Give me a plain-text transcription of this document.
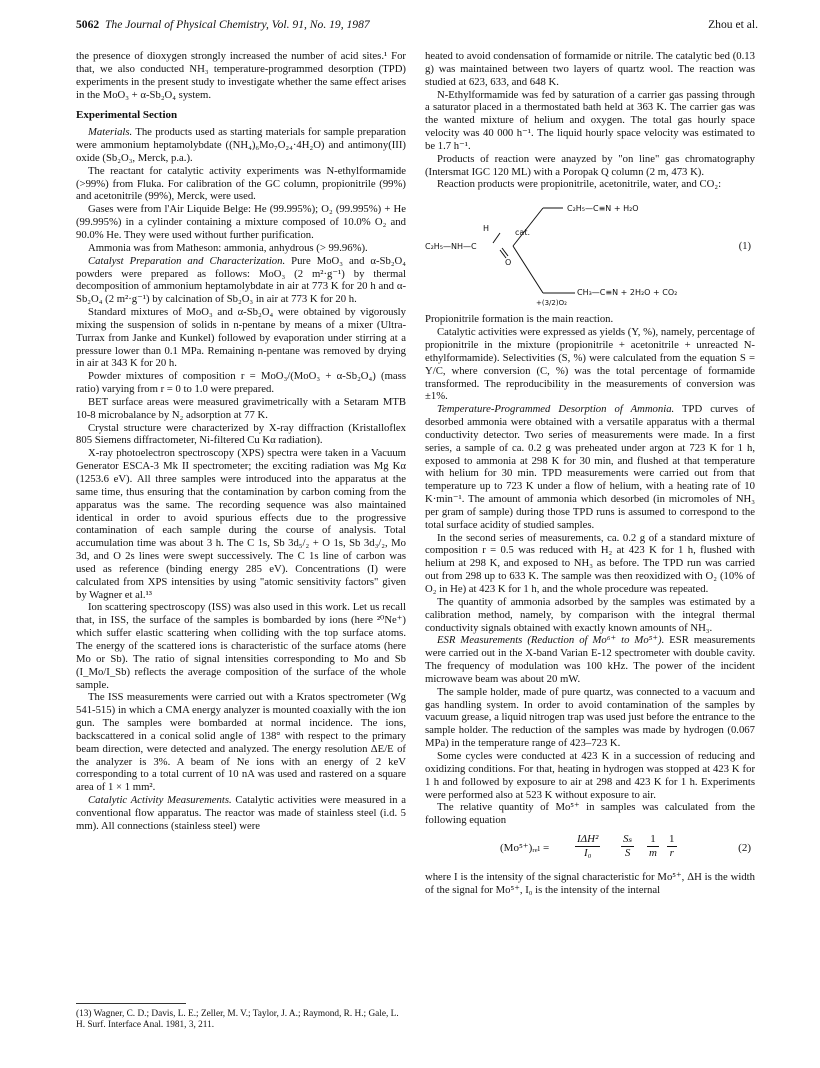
5062 The Journal of Physical Chemistry, Vol. 91, No. 19, 1987	Zhou et al.

the presence of dioxygen strongly increased the number of acid sites.¹ For that, we also conducted NH₃ temperature-programmed desorption (TPD) experiments in the present study to investigate whether the same effect arises in the MoO₃ + α-Sb₂O₄ system.

Experimental Section

Materials. The products used as starting materials for sample preparation were ammonium heptamolybdate ((NH₄)₆Mo₇O₂₄·4H₂O) and antimony(III) oxide (Sb₂O₃, Merck, p.a.).

The reactant for catalytic activity experiments was N-ethylformamide (>99%) from Fluka. For calibration of the GC column, propionitrile (99%) and acetonitrile (99%), Merck, were used.

Gases were from l'Air Liquide Belge: He (99.995%); O₂ (99.995%) + He (99.995%) in a cylinder containing a mixture composed of 10.0% O₂ and 90.0% He. They were used without further purification.

Ammonia was from Matheson: ammonia, anhydrous (> 99.96%).

Catalyst Preparation and Characterization. Pure MoO₃ and α-Sb₂O₄ powders were prepared as follows: MoO₃ (2 m²·g⁻¹) by thermal decomposition of ammonium heptamolybdate in air at 773 K for 20 h and α-Sb₂O₄ (2 m²·g⁻¹) by calcination of Sb₂O₃ in air at 773 K for 20 h.

Standard mixtures of MoO₃ and α-Sb₂O₄ were obtained by vigorously mixing the suspension of solids in n-pentane by means of a mixer (Ultra-Turrax from Janke and Kunkel) followed by evaporation under stirring at a pressure lower than 0.1 MPa. Remaining n-pentane was removed by drying in air at 343 K for 20 h.

Powder mixtures of composition r = MoO₃/(MoO₃ + α-Sb₂O₄) (mass ratio) varying from r = 0 to 1.0 were prepared.

BET surface areas were measured gravimetrically with a Setaram MTB 10-8 microbalance by N₂ adsorption at 77 K.

Crystal structure were characterized by X-ray diffraction (Kristalloflex 805 Siemens diffractometer, Ni-filtered Cu Kα radiation).

X-ray photoelectron spectroscopy (XPS) spectra were taken in a Vacuum Generator ESCA-3 Mk II spectrometer; the exciting radiation was Mg Kα (1253.6 eV). All three samples were introduced into the apparatus at the same time, thus ensuring that the contamination by carbon coming from the apparatus was the same. The recording sequence was also maintained identical in order to avoid spurious effects due to the progressive contamination of each sample during the course of analysis. Total accumulation time was about 3 h. The C 1s, Sb 3d₅/₂ + O 1s, Sb 3d₃/₂, Mo 3d, and O 2s lines were swept successively. The C 1s line of carbon was used as reference (binding energy 285 eV). Concentrations (I) were calculated from XPS intensities by using "atomic sensitivity factors" given by Wagner et al.¹³

Ion scattering spectroscopy (ISS) was also used in this work. Let us recall that, in ISS, the surface of the samples is bombarded by ions (here ²⁰Ne⁺) which suffer elastic scattering when colliding with the top surface atoms. The energy of the scattered ions is characteristic of the surface atoms (here Mo or Sb). The ratio of signal intensities corresponding to Mo and Sb (I_Mo/I_Sb) reflects the average composition of the surface of the whole sample.

The ISS measurements were carried out with a Kratos spectrometer (Wg 541-515) in which a CMA energy analyzer is mounted coaxially with the ion gun. The samples were bombarded at normal incidence. The ions, backscattered in a conical solid angle of 138° with respect to the primary beam direction, were detected and analyzed. The energy resolution ΔE/E of the analyzer is 3%. A beam of Ne ions with an energy of 2 keV corresponding to a total current of 10 nA was used and rastered on a square area of 1 × 1 mm².

Catalytic Activity Measurements. Catalytic activities were measured in a conventional flow apparatus. The reactor was made of stainless steel (i.d. 5 mm). All connections (stainless steel) were

heated to avoid condensation of formamide or nitrile. The catalytic bed (0.13 g) was maintained between two layers of quartz wool. The reaction was studied at 623, 633, and 648 K.

N-Ethylformamide was fed by saturation of a carrier gas passing through a saturator placed in a thermostated bath held at 363 K. The carrier gas was the wanted mixture of helium and oxygen. The total gas hourly space velocity was 40 000 h⁻¹. The liquid hourly space velocity was estimated to be 1.7 h⁻¹.

Products of reaction were anayzed by "on line" gas chromatography (Intersmat IGC 120 ML) with a Poropak Q column (2 m, 473 K).

Reaction products were propionitrile, acetonitrile, water, and CO₂:

H
C₂H₅—NH—C
O
cat.
C₂H₅—C≡N + H₂O
CH₃—C≡N + 2H₂O + CO₂
+(3/2)O₂
(1)

Propionitrile formation is the main reaction.

Catalytic activities were expressed as yields (Y, %), namely, percentage of propionitrile in the mixture (propionitrile + acetonitrile + unreacted N-ethylformamide). Selectivities (S, %) were calculated from the equation S = Y/C, where conversion (C, %) was the total percentage of formamide transformed. The reproducibility in the measurements of conversion was ±1%.

Temperature-Programmed Desorption of Ammonia. TPD curves of desorbed ammonia were obtained with a versatile apparatus with a thermal conductivity detector. Two series of measurements were made. In a first series, a sample of ca. 0.2 g was preheated under argon at 723 K for 1 h, exposed to ammonia at 298 K for 30 min, and flushed at that temperature with helium for 30 min. TPD measurements were carried out from that temperature up to 723 K under a flow of helium, with a heating rate of 10 K·min⁻¹. The amount of ammonia which desorbed (in micromoles of NH₃ per gram of sample) during those TPD runs is assumed to correspond to the total surface acidity of studied samples.

In the second series of measurements, ca. 0.2 g of a standard mixture of composition r = 0.5 was reduced with H₂ at 423 K for 1 h, flushed with helium at 298 K, and exposed to NH₃ as before. The TPD run was carried out from 298 up to 633 K. The sample was then reoxidized with O₂ (10% of O₂ in He) at 423 K for 1 h, and the whole procedure was repeated.

The quantity of ammonia adsorbed by the samples was estimated by a calibration method, namely, by comparison with the integral thermal conductivity signals obtained with exactly known amounts of NH₃.

ESR Measurements (Reduction of Mo⁶⁺ to Mo⁵⁺). ESR measurements were carried out in the X-band Varian E-12 spectrometer with double cavity. The frequency of modulation was 100 kHz. The power of the incident microwave beam was about 20 mW.

The sample holder, made of pure quartz, was connected to a vacuum and gas handling system. In order to avoid contamination of the samples by vacuum grease, a liquid nitrogen trap was used just before the entrance to the sample holder. The reduction of the samples was made by hydrogen (0.067 MPa) in the temperature range of 423–723 K.

Some cycles were conducted at 423 K in a succession of reducing and oxidizing conditions. For that, heating in hydrogen was stopped at 423 K for 1 h and followed by exposure to air at 298 and 423 K for 1 h. Experiments were performed also at 523 K without exposure to air.

The relative quantity of Mo⁵⁺ in samples was calculated from the following equation

(Mo⁵⁺)ᵣₑₗ =
IΔH²
I₀	$\frac{\text{Sₛ}}{S} \frac{1}{m} \frac{1}{r}$	(2)

where I is the intensity of the signal characteristic for Mo⁵⁺, ΔH is the width of the signal for Mo⁵⁺, I₀ is the intensity of the internal

(13) Wagner, C. D.; Davis, L. E.; Zeller, M. V.; Taylor, J. A.; Raymond, R. H.; Gale, L. H. Surf. Interface Anal. 1981, 3, 211.
